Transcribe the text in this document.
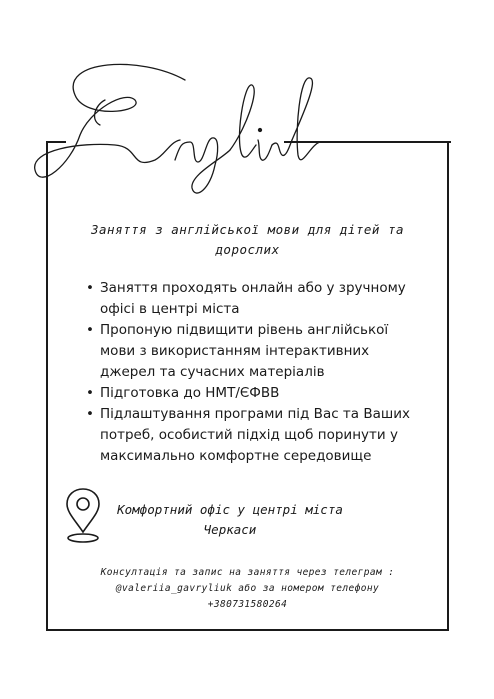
Заняття з англійської мови для дітей та дорослих
• Заняття проходять онлайн або у зручному офісі в центрі міста
• Пропоную підвищити рівень англійської мови з використанням інтерактивних джерел та сучасних матеріалів
• Підготовка до НМТ/ЄФВВ
• Підлаштування програми під Вас та Ваших потреб, особистий підхід щоб поринути у максимально комфортне середовище
Комфортний офіс у центрі міста Черкаси
Консултація та запис на заняття через телеграм :
@valeriia_gavryliuk або за номером телефону
+380731580264
